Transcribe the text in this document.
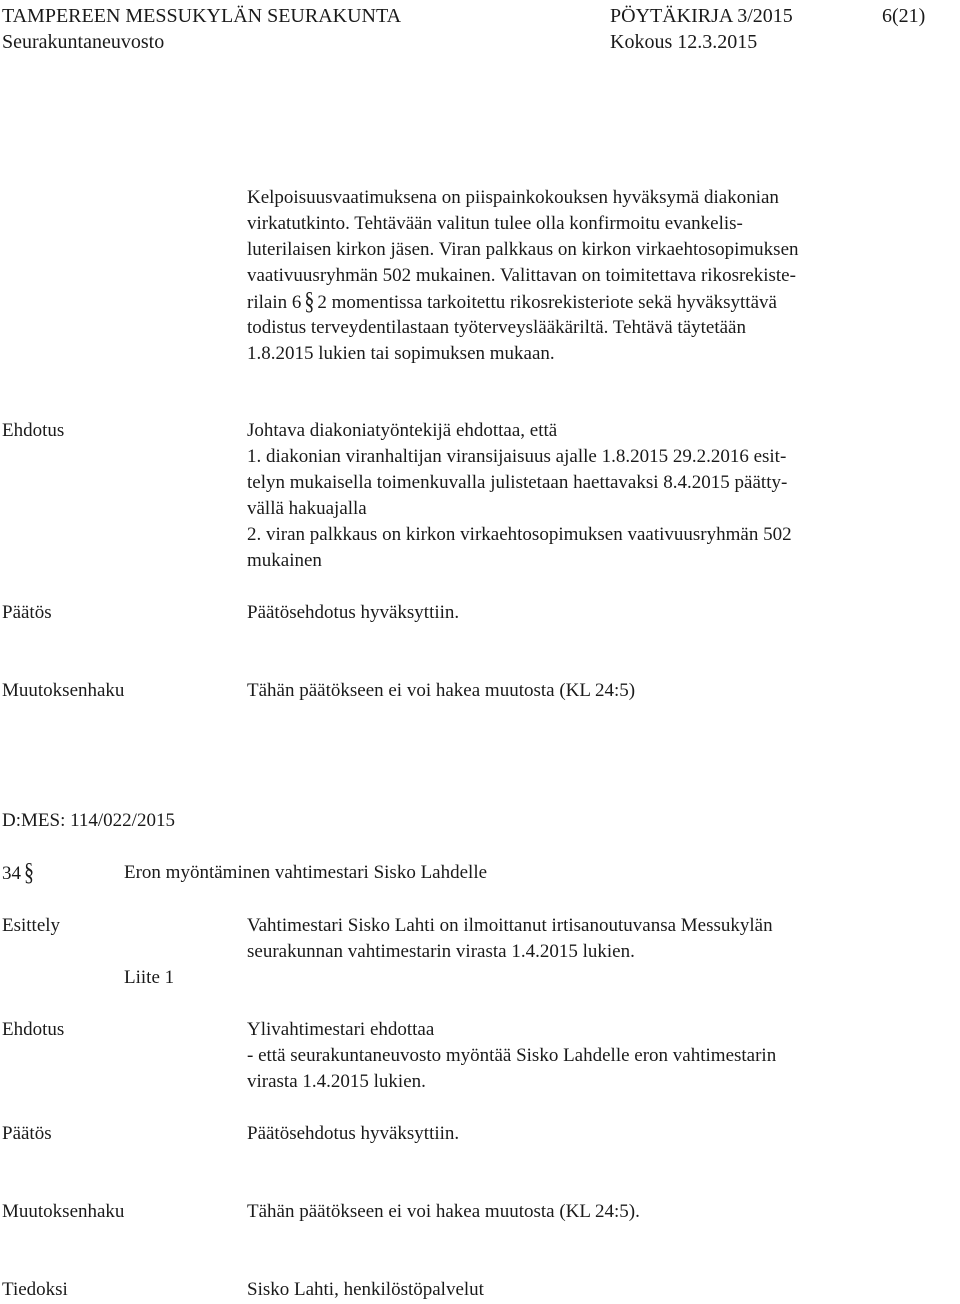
TAMPEREEN MESSUKYLÄN SEURAKUNTA	PÖYTÄKIRJA 3/2015	6(21)
Seurakuntaneuvosto	Kokous 12.3.2015
Kelpoisuusvaatimuksena on piispainkokouksen hyväksymä diakonian
virkatutkinto. Tehtävään valitun tulee olla konfirmoitu evankelis-
luterilaisen kirkon jäsen. Viran palkkaus on kirkon virkaehtosopimuksen
vaativuusryhmän 502 mukainen. Valittavan on toimitettava rikosrekiste-
rilain 6 § 2 momentissa tarkoitettu rikosrekisteriote sekä hyväksyttävä
todistus terveydentilastaan työterveyslääkäriltä. Tehtävä täytetään
1.8.2015 lukien tai sopimuksen mukaan.
Ehdotus	Johtava diakoniatyöntekijä ehdottaa, että
1. diakonian viranhaltijan viransijaisuus ajalle 1.8.2015 29.2.2016 esit-
telyn mukaisella toimenkuvalla julistetaan haettavaksi 8.4.2015 päätty-
vällä hakuajalla
2. viran palkkaus on kirkon virkaehtosopimuksen vaativuusryhmän 502
mukainen
Päätös	Päätösehdotus hyväksyttiin.
Muutoksenhaku	Tähän päätökseen ei voi hakea muutosta (KL 24:5)
D:MES: 114/022/2015
34 §	Eron myöntäminen vahtimestari Sisko Lahdelle
Esittely	Vahtimestari Sisko Lahti on ilmoittanut irtisanoutuvansa Messukylän
seurakunnan vahtimestarin virasta 1.4.2015 lukien.
Liite 1
Ehdotus	Ylivahtimestari ehdottaa
- että seurakuntaneuvosto myöntää Sisko Lahdelle eron vahtimestarin
virasta 1.4.2015 lukien.
Päätös	Päätösehdotus hyväksyttiin.
Muutoksenhaku	Tähän päätökseen ei voi hakea muutosta (KL 24:5).
Tiedoksi	Sisko Lahti, henkilöstöpalvelut
